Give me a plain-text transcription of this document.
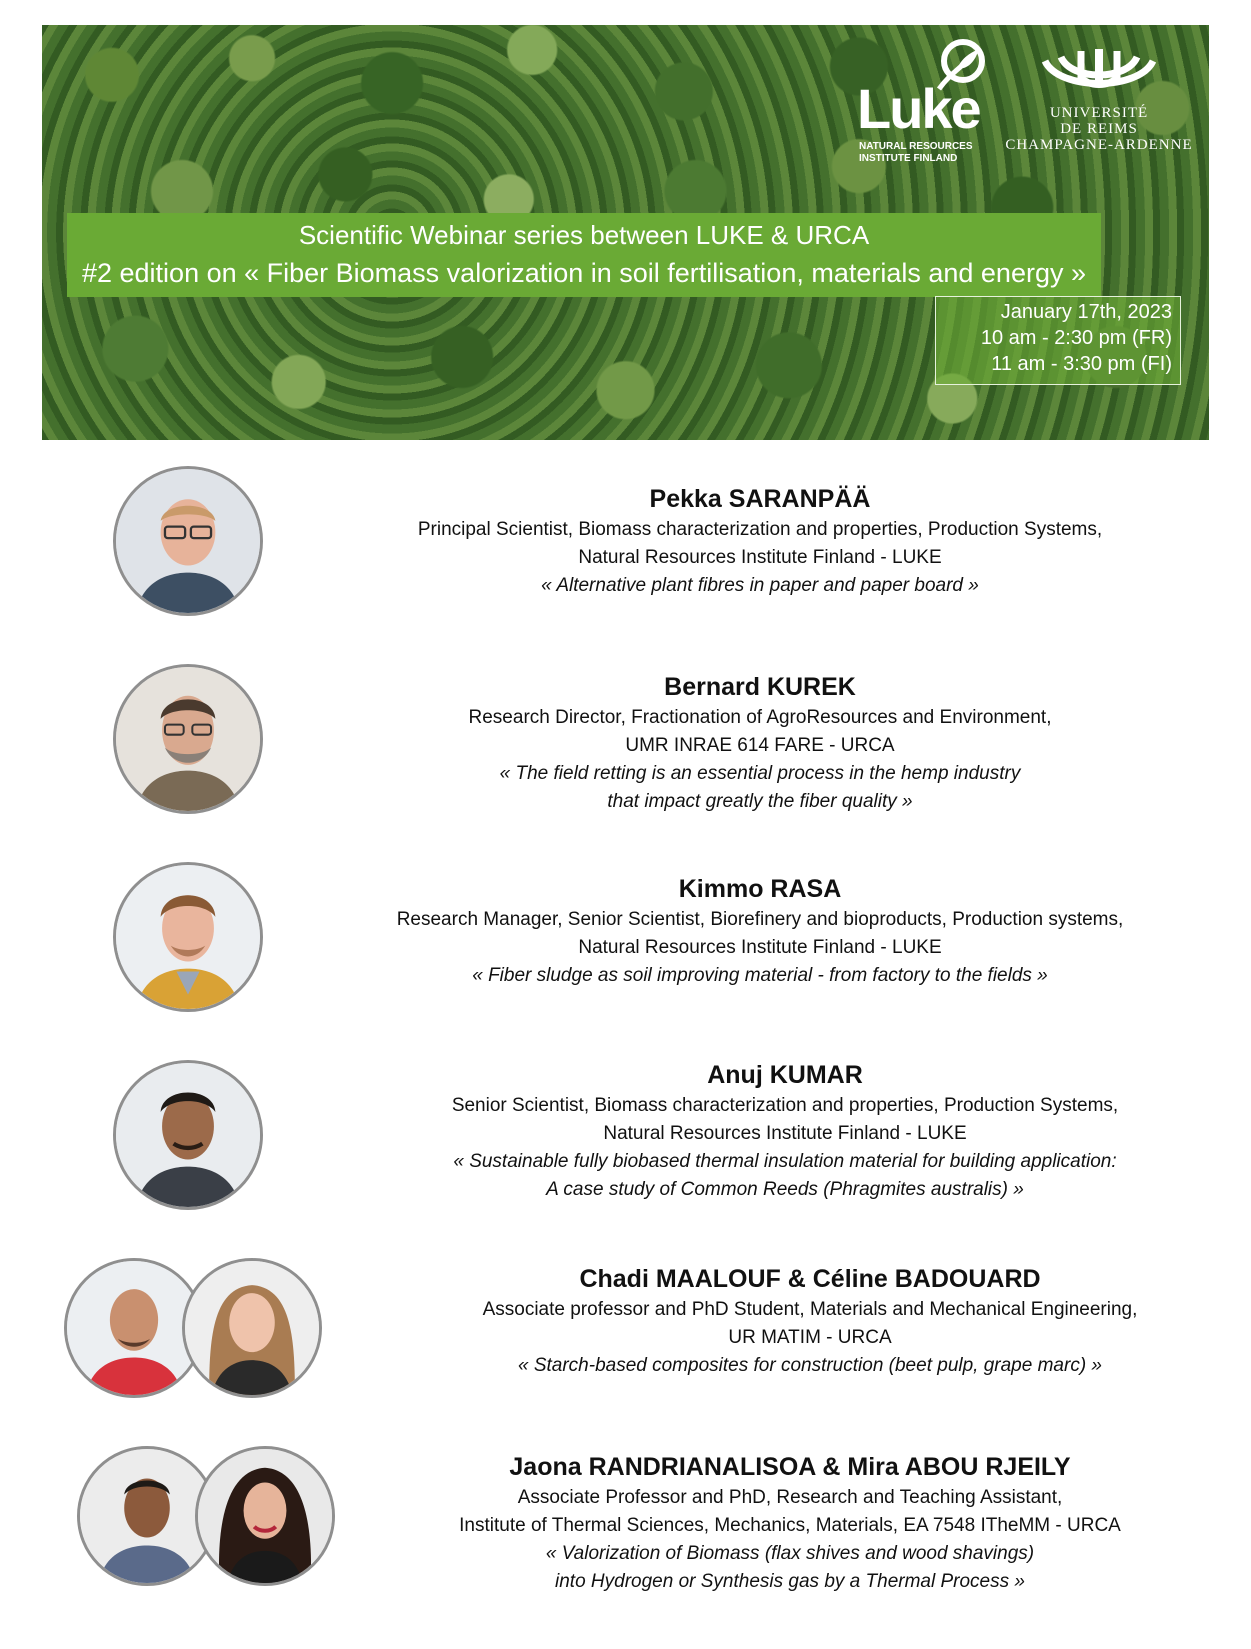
Luke
NATURAL RESOURCES
INSTITUTE FINLAND
UNIVERSITÉ
DE REIMS
CHAMPAGNE-ARDENNE
Scientific Webinar series between LUKE & URCA
#2 edition on « Fiber Biomass valorization in soil fertilisation, materials and energy »
January 17th, 2023
10 am - 2:30 pm (FR)
11 am - 3:30 pm (FI)
Pekka SARANPÄÄ
Principal Scientist, Biomass characterization and properties, Production Systems,
Natural Resources Institute Finland - LUKE
« Alternative plant fibres in paper and paper board »
Bernard KUREK
Research Director, Fractionation of AgroResources and Environment,
UMR INRAE 614 FARE - URCA
« The field retting is an essential process in the hemp industry
that impact greatly the fiber quality »
Kimmo RASA
Research Manager, Senior Scientist, Biorefinery and bioproducts, Production systems,
Natural Resources Institute Finland - LUKE
« Fiber sludge as soil improving material - from factory to the fields »
Anuj KUMAR
Senior Scientist, Biomass characterization and properties, Production Systems,
Natural Resources Institute Finland - LUKE
« Sustainable fully biobased thermal insulation material for building application:
A case study of Common Reeds (Phragmites australis) »
Chadi MAALOUF & Céline BADOUARD
Associate professor and PhD Student, Materials and Mechanical Engineering,
UR MATIM - URCA
« Starch-based composites for construction (beet pulp, grape marc) »
Jaona RANDRIANALISOA & Mira ABOU RJEILY
Associate Professor and PhD, Research and Teaching Assistant,
Institute of Thermal Sciences, Mechanics, Materials, EA 7548 ITheMM - URCA
« Valorization of Biomass (flax shives and wood shavings)
into Hydrogen or Synthesis gas by a Thermal Process »
